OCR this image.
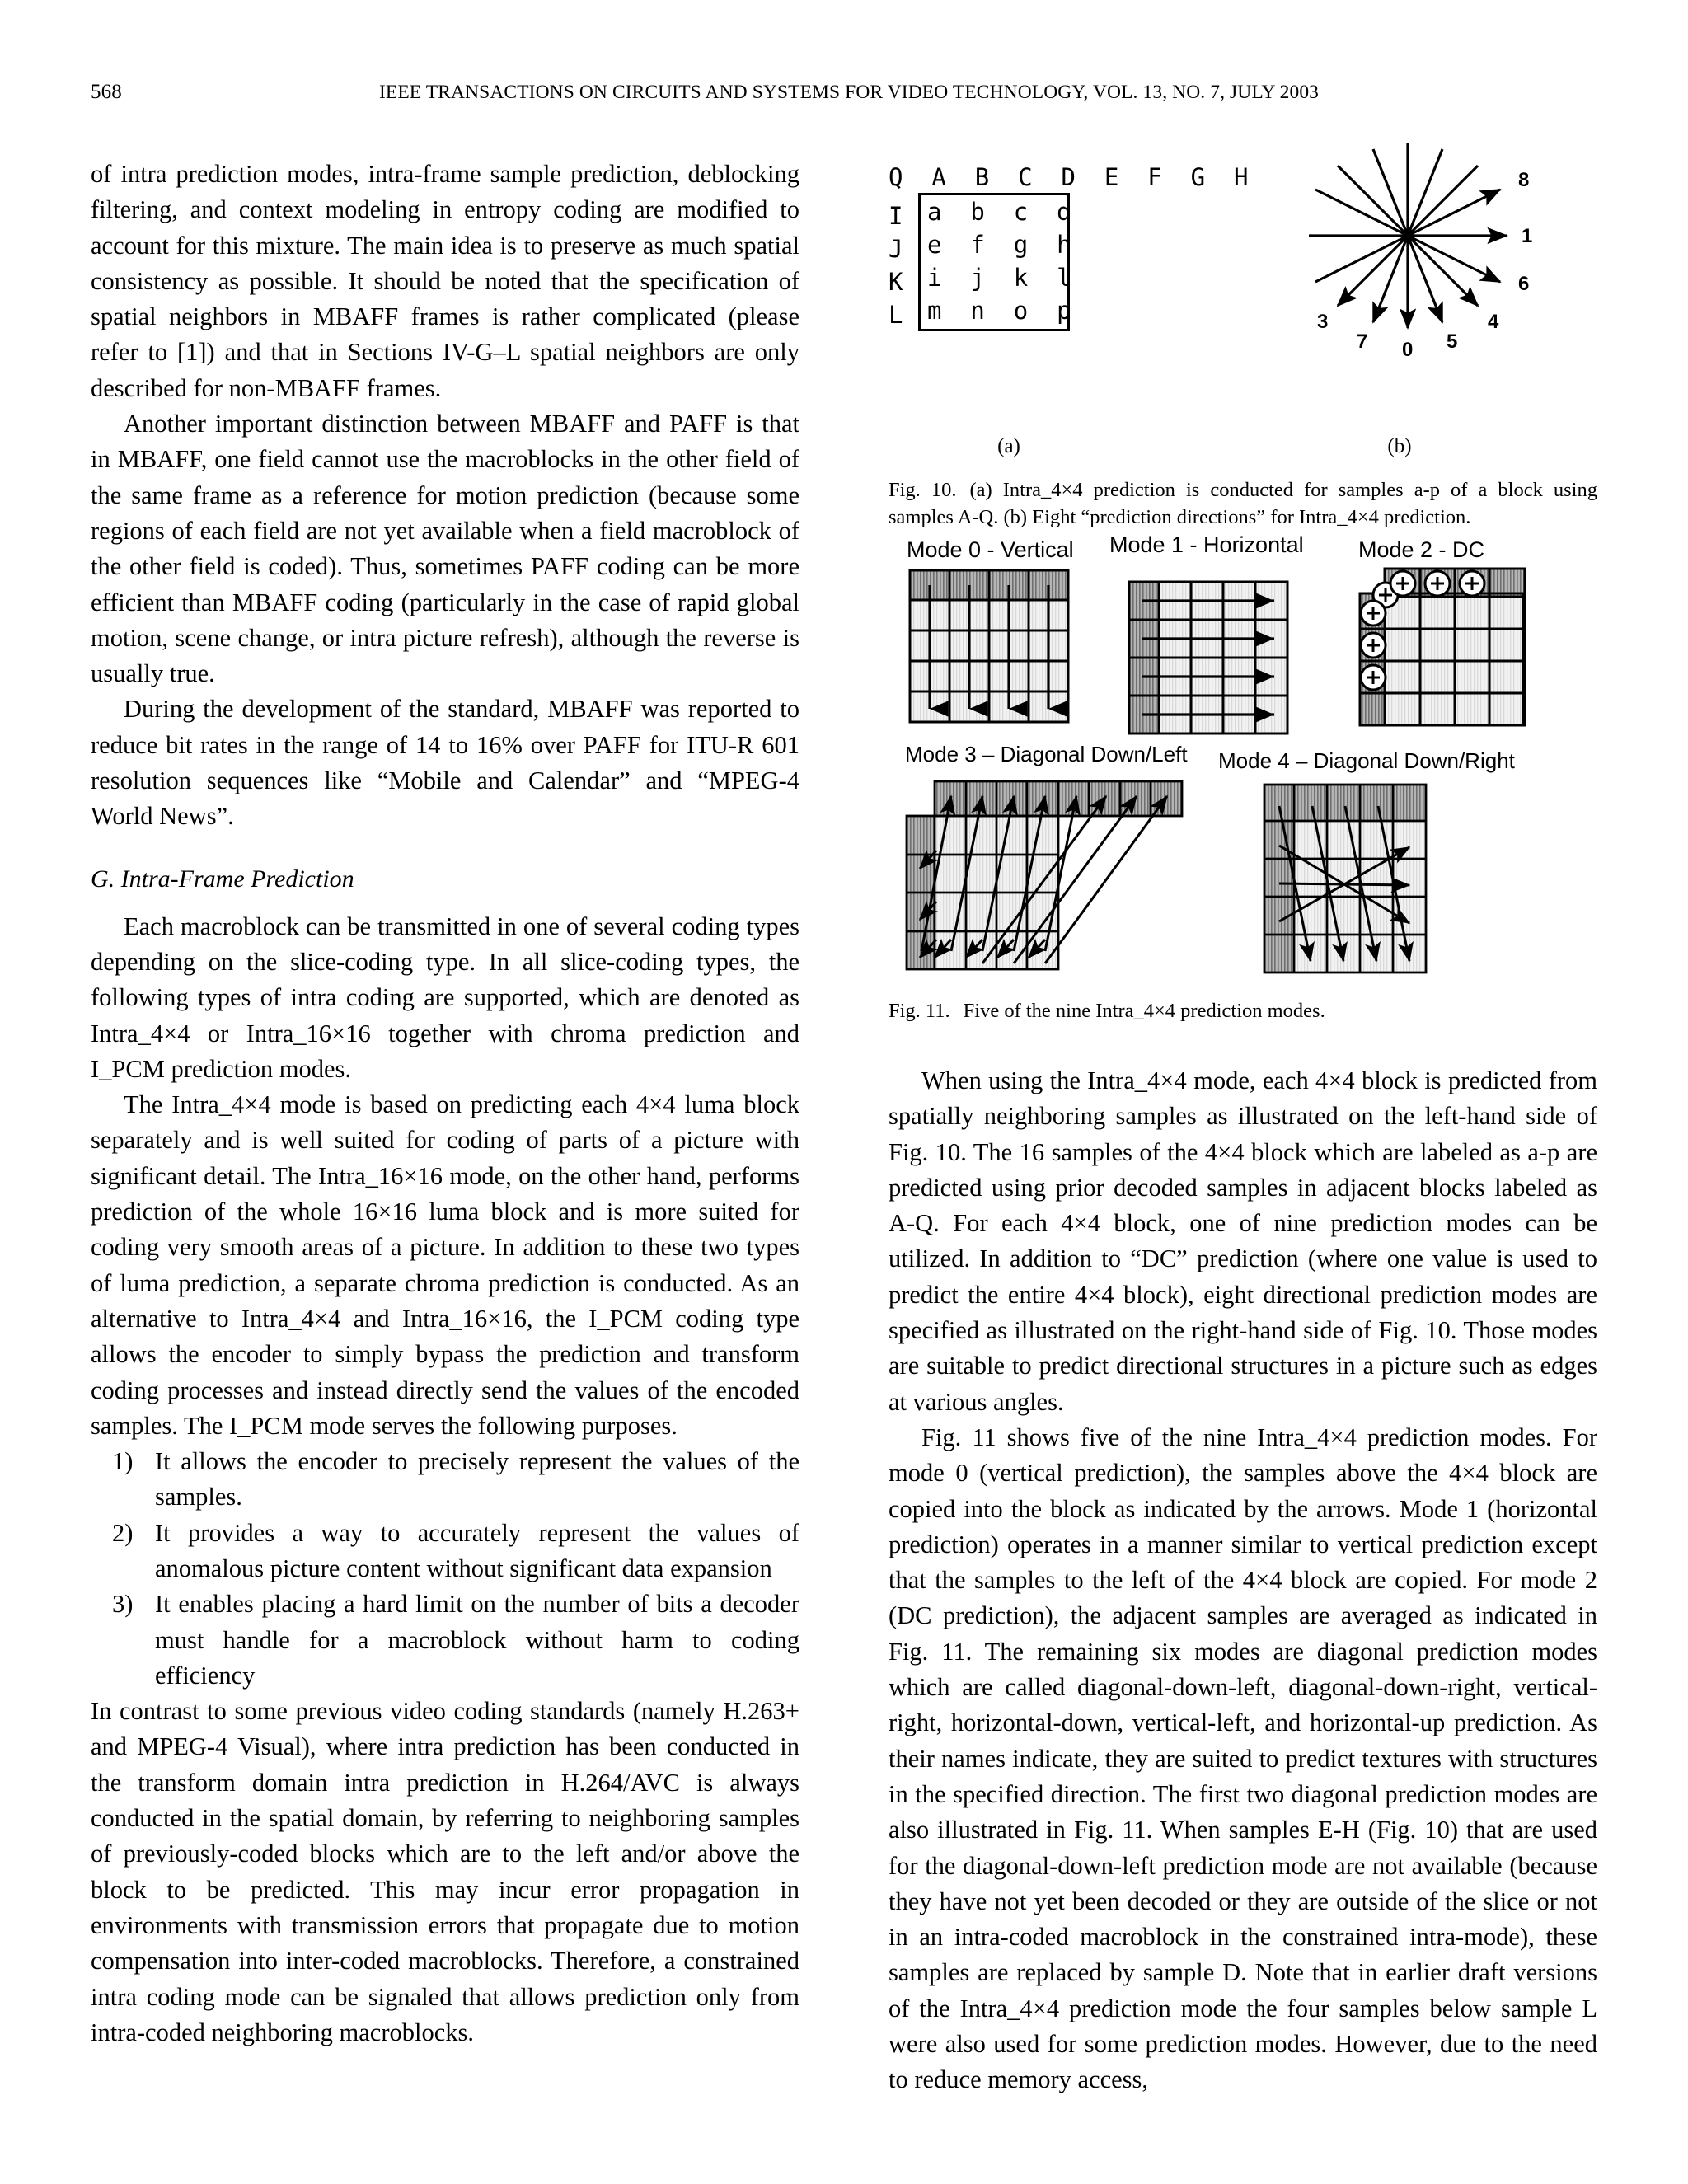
568	IEEE TRANSACTIONS ON CIRCUITS AND SYSTEMS FOR VIDEO TECHNOLOGY, VOL. 13, NO. 7, JULY 2003

of intra prediction modes, intra-frame sample prediction, deblocking filtering, and context modeling in entropy coding are modified to account for this mixture. The main idea is to preserve as much spatial consistency as possible. It should be noted that the specification of spatial neighbors in MBAFF frames is rather complicated (please refer to [1]) and that in Sections IV-G–L spatial neighbors are only described for non-MBAFF frames.

Another important distinction between MBAFF and PAFF is that in MBAFF, one field cannot use the macroblocks in the other field of the same frame as a reference for motion prediction (because some regions of each field are not yet available when a field macroblock of the other field is coded). Thus, sometimes PAFF coding can be more efficient than MBAFF coding (particularly in the case of rapid global motion, scene change, or intra picture refresh), although the reverse is usually true.

During the development of the standard, MBAFF was reported to reduce bit rates in the range of 14 to 16% over PAFF for ITU-R 601 resolution sequences like “Mobile and Calendar” and “MPEG-4 World News”.

G. Intra-Frame Prediction

Each macroblock can be transmitted in one of several coding types depending on the slice-coding type. In all slice-coding types, the following types of intra coding are supported, which are denoted as Intra_4×4 or Intra_16×16 together with chroma prediction and I_PCM prediction modes.

The Intra_4×4 mode is based on predicting each 4×4 luma block separately and is well suited for coding of parts of a picture with significant detail. The Intra_16×16 mode, on the other hand, performs prediction of the whole 16×16 luma block and is more suited for coding very smooth areas of a picture. In addition to these two types of luma prediction, a separate chroma prediction is conducted. As an alternative to Intra_4×4 and Intra_16×16, the I_PCM coding type allows the encoder to simply bypass the prediction and transform coding processes and instead directly send the values of the encoded samples. The I_PCM mode serves the following purposes.

1) It allows the encoder to precisely represent the values of the samples.
2) It provides a way to accurately represent the values of anomalous picture content without significant data expansion
3) It enables placing a hard limit on the number of bits a decoder must handle for a macroblock without harm to coding efficiency

In contrast to some previous video coding standards (namely H.263+ and MPEG-4 Visual), where intra prediction has been conducted in the transform domain intra prediction in H.264/AVC is always conducted in the spatial domain, by referring to neighboring samples of previously-coded blocks which are to the left and/or above the block to be predicted. This may incur error propagation in environments with transmission errors that propagate due to motion compensation into inter-coded macroblocks. Therefore, a constrained intra coding mode can be signaled that allows prediction only from intra-coded neighboring macroblocks.

Q  A  B  C  D  E  F  G  H
I
J
K
L
a  b  c  d
e  f  g  h
i  j  k  l
m  n  o  p
8
1
6
4
5
0
7
3
(a)	(b)
Fig. 10. (a) Intra_4×4 prediction is conducted for samples a-p of a block using samples A-Q. (b) Eight “prediction directions” for Intra_4×4 prediction.
Mode 0 - Vertical Mode 1 - Horizontal Mode 2 - DC
Mode 3 – Diagonal Down/Left Mode 4 – Diagonal Down/Right
Fig. 11. Five of the nine Intra_4×4 prediction modes.

When using the Intra_4×4 mode, each 4×4 block is predicted from spatially neighboring samples as illustrated on the left-hand side of Fig. 10. The 16 samples of the 4×4 block which are labeled as a-p are predicted using prior decoded samples in adjacent blocks labeled as A-Q. For each 4×4 block, one of nine prediction modes can be utilized. In addition to “DC” prediction (where one value is used to predict the entire 4×4 block), eight directional prediction modes are specified as illustrated on the right-hand side of Fig. 10. Those modes are suitable to predict directional structures in a picture such as edges at various angles.

Fig. 11 shows five of the nine Intra_4×4 prediction modes. For mode 0 (vertical prediction), the samples above the 4×4 block are copied into the block as indicated by the arrows. Mode 1 (horizontal prediction) operates in a manner similar to vertical prediction except that the samples to the left of the 4×4 block are copied. For mode 2 (DC prediction), the adjacent samples are averaged as indicated in Fig. 11. The remaining six modes are diagonal prediction modes which are called diagonal-down-left, diagonal-down-right, vertical-right, horizontal-down, vertical-left, and horizontal-up prediction. As their names indicate, they are suited to predict textures with structures in the specified direction. The first two diagonal prediction modes are also illustrated in Fig. 11. When samples E-H (Fig. 10) that are used for the diagonal-down-left prediction mode are not available (because they have not yet been decoded or they are outside of the slice or not in an intra-coded macroblock in the constrained intra-mode), these samples are replaced by sample D. Note that in earlier draft versions of the Intra_4×4 prediction mode the four samples below sample L were also used for some prediction modes. However, due to the need to reduce memory access,
